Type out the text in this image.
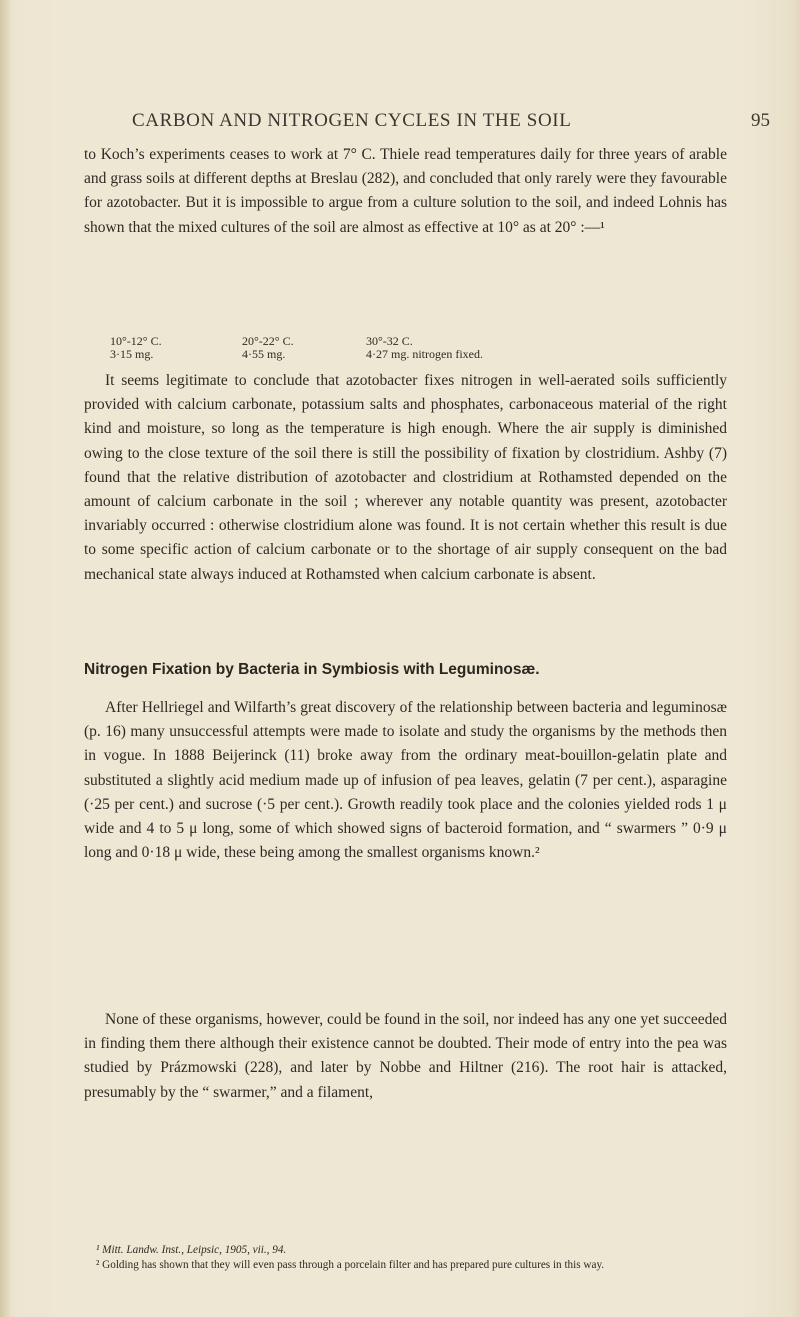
CARBON AND NITROGEN CYCLES IN THE SOIL	95

to Koch’s experiments ceases to work at 7° C. Thiele read temperatures daily for three years of arable and grass soils at different depths at Breslau (282), and concluded that only rarely were they favourable for azotobacter. But it is impossible to argue from a culture solution to the soil, and indeed Lohnis has shown that the mixed cultures of the soil are almost as effective at 10° as at 20° :—¹

10°-12° C.
3·15 mg.
20°-22° C.
4·55 mg.
30°-32 C.
4·27 mg. nitrogen fixed.

It seems legitimate to conclude that azotobacter fixes nitrogen in well-aerated soils sufficiently provided with calcium carbonate, potassium salts and phosphates, carbonaceous material of the right kind and moisture, so long as the temperature is high enough. Where the air supply is diminished owing to the close texture of the soil there is still the possibility of fixation by clostridium. Ashby (7) found that the relative distribution of azotobacter and clostridium at Rothamsted depended on the amount of calcium carbonate in the soil ; wherever any notable quantity was present, azotobacter invariably occurred : otherwise clostridium alone was found. It is not certain whether this result is due to some specific action of calcium carbonate or to the shortage of air supply consequent on the bad mechanical state always induced at Rothamsted when calcium carbonate is absent.

Nitrogen Fixation by Bacteria in Symbiosis with Leguminosæ.

After Hellriegel and Wilfarth’s great discovery of the relationship between bacteria and leguminosæ (p. 16) many unsuccessful attempts were made to isolate and study the organisms by the methods then in vogue. In 1888 Beijerinck (11) broke away from the ordinary meat-bouillon-gelatin plate and substituted a slightly acid medium made up of infusion of pea leaves, gelatin (7 per cent.), asparagine (·25 per cent.) and sucrose (·5 per cent.). Growth readily took place and the colonies yielded rods 1 μ wide and 4 to 5 μ long, some of which showed signs of bacteroid formation, and “ swarmers ” 0·9 μ long and 0·18 μ wide, these being among the smallest organisms known.²

None of these organisms, however, could be found in the soil, nor indeed has any one yet succeeded in finding them there although their existence cannot be doubted. Their mode of entry into the pea was studied by Prázmowski (228), and later by Nobbe and Hiltner (216). The root hair is attacked, presumably by the “ swarmer,” and a filament,

¹ Mitt. Landw. Inst., Leipsic, 1905, vii., 94.

² Golding has shown that they will even pass through a porcelain filter and has prepared pure cultures in this way.
